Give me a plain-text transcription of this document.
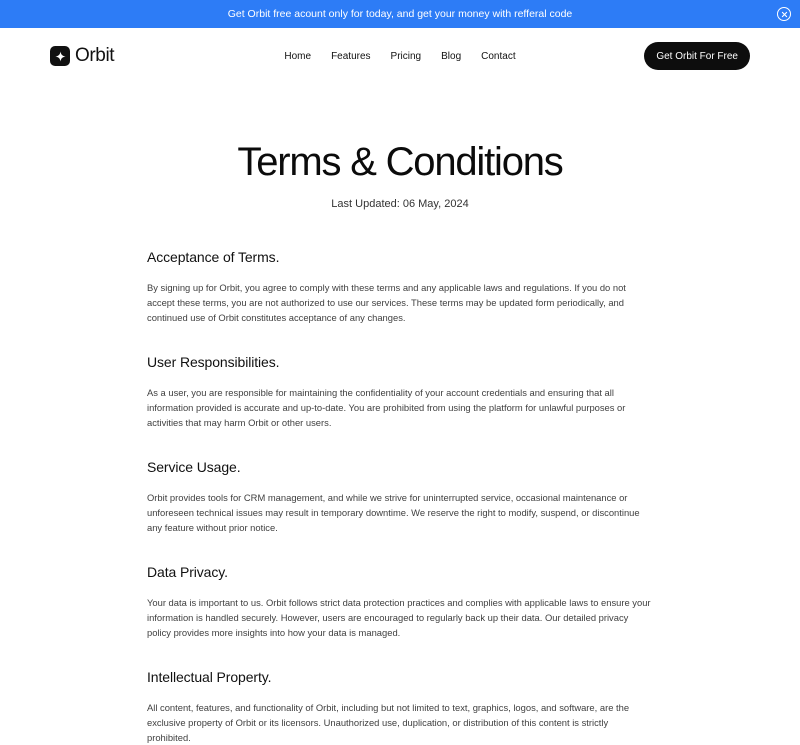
Get Orbit free acount only for today, and get your money with refferal code
Orbit	Home Features Pricing Blog Contact	Get Orbit For Free
Terms & Conditions
Last Updated: 06 May, 2024
Acceptance of Terms.

By signing up for Orbit, you agree to comply with these terms and any applicable laws and regulations. If you do not accept these terms, you are not authorized to use our services. These terms may be updated form periodically, and continued use of Orbit constitutes acceptance of any changes.

User Responsibilities.

As a user, you are responsible for maintaining the confidentiality of your account credentials and ensuring that all information provided is accurate and up-to-date. You are prohibited from using the platform for unlawful purposes or activities that may harm Orbit or other users.

Service Usage.

Orbit provides tools for CRM management, and while we strive for uninterrupted service, occasional maintenance or unforeseen technical issues may result in temporary downtime. We reserve the right to modify, suspend, or discontinue any feature without prior notice.

Data Privacy.

Your data is important to us. Orbit follows strict data protection practices and complies with applicable laws to ensure your information is handled securely. However, users are encouraged to regularly back up their data. Our detailed privacy policy provides more insights into how your data is managed.

Intellectual Property.

All content, features, and functionality of Orbit, including but not limited to text, graphics, logos, and software, are the exclusive property of Orbit or its licensors. Unauthorized use, duplication, or distribution of this content is strictly prohibited.
